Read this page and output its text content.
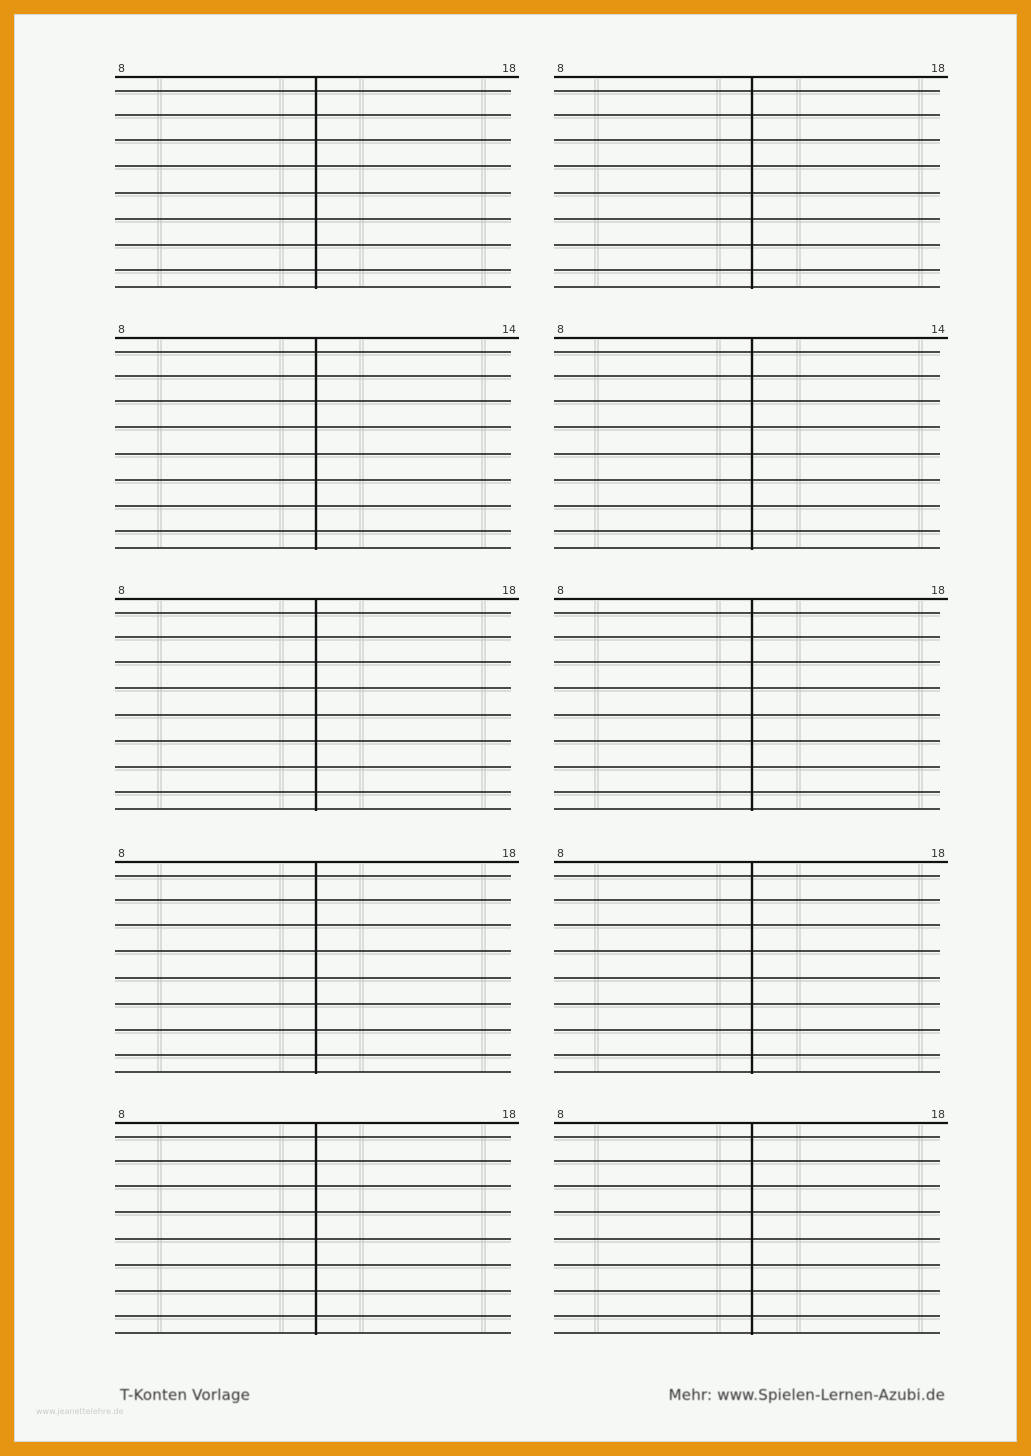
8	18	8	18
8	14	8	14
8	18	8	18
8	18	8	18
8	18	8	18
T-Konten Vorlage	Mehr: www.Spielen-Lernen-Azubi.de
www.jeanettelehre.de
